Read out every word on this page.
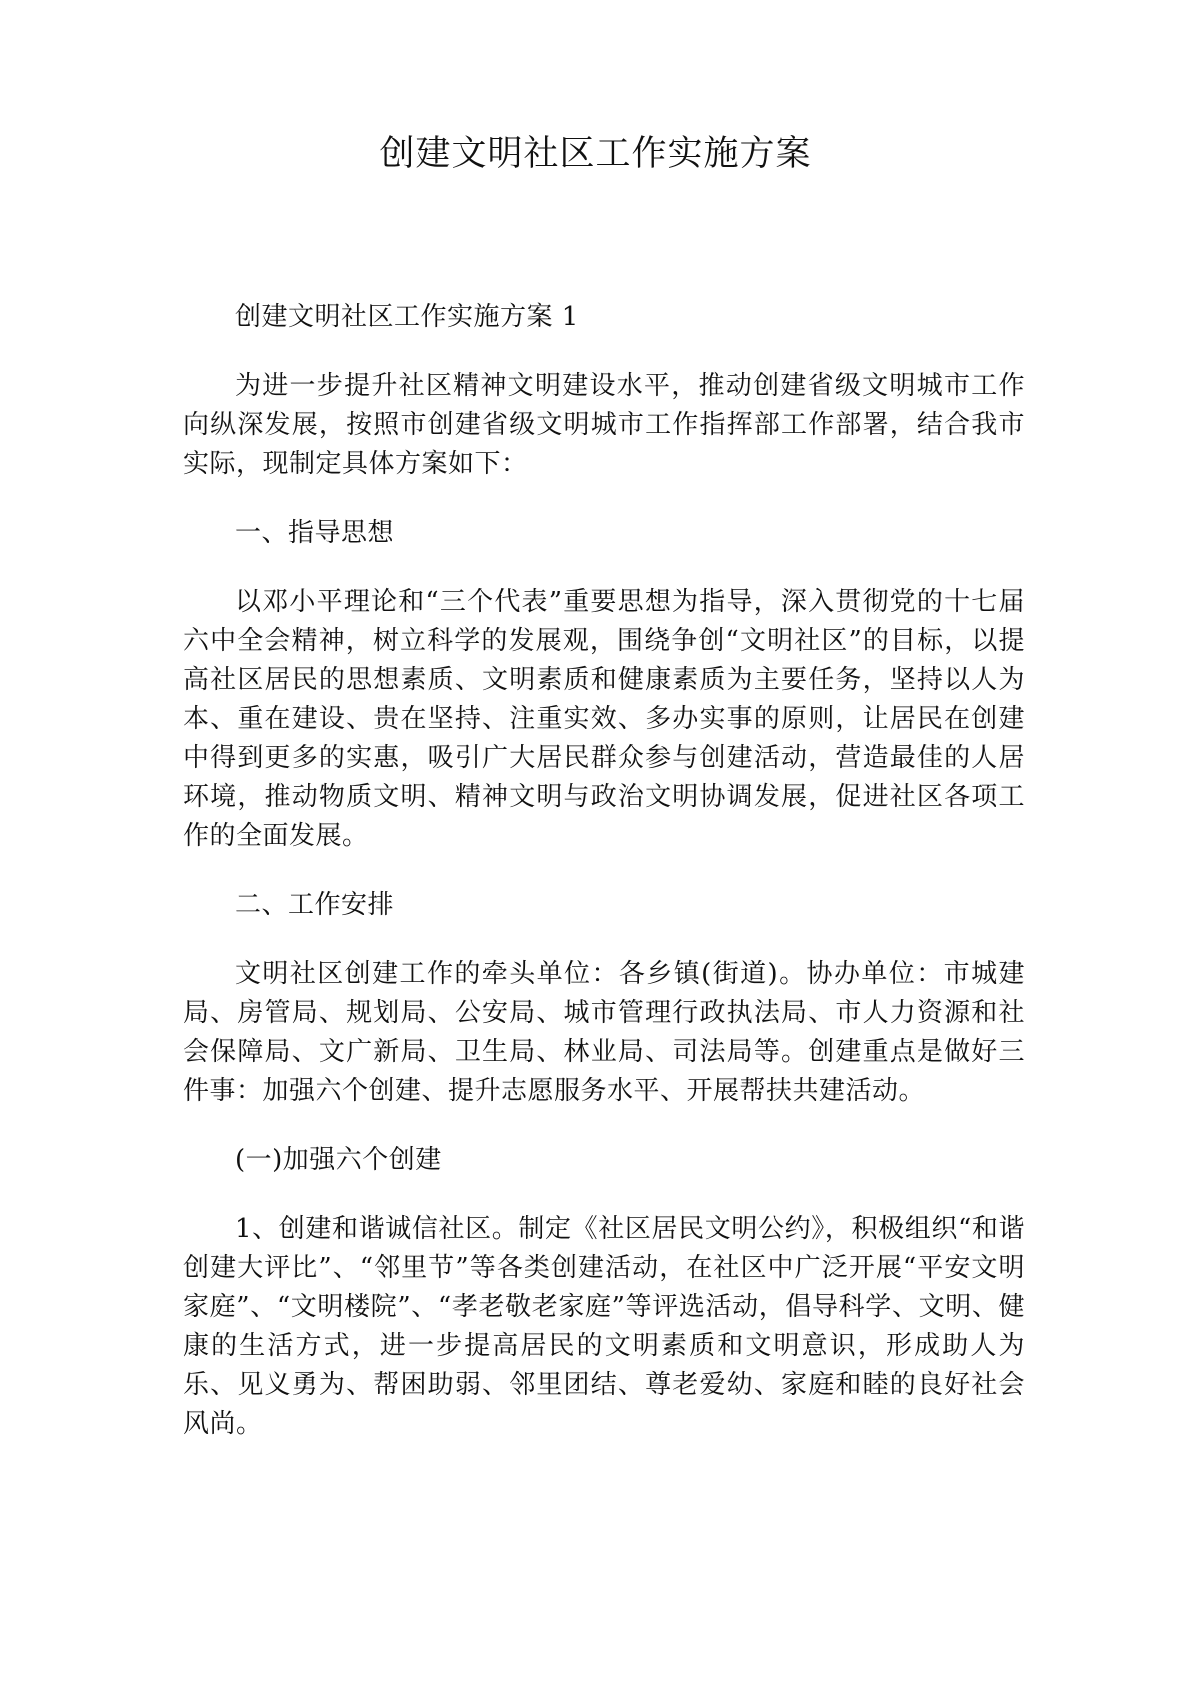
创建文明社区工作实施方案

创建文明社区工作实施方案 1

为进一步提升社区精神文明建设水平，推动创建省级文明城市工作向纵深发展，按照市创建省级文明城市工作指挥部工作部署，结合我市实际，现制定具体方案如下：

一、指导思想

以邓小平理论和“三个代表”重要思想为指导，深入贯彻党的十七届六中全会精神，树立科学的发展观，围绕争创“文明社区”的目标，以提高社区居民的思想素质、文明素质和健康素质为主要任务，坚持以人为本、重在建设、贵在坚持、注重实效、多办实事的原则，让居民在创建中得到更多的实惠，吸引广大居民群众参与创建活动，营造最佳的人居环境，推动物质文明、精神文明与政治文明协调发展，促进社区各项工作的全面发展。

二、工作安排

文明社区创建工作的牵头单位：各乡镇(街道)。协办单位：市城建局、房管局、规划局、公安局、城市管理行政执法局、市人力资源和社会保障局、文广新局、卫生局、林业局、司法局等。创建重点是做好三件事：加强六个创建、提升志愿服务水平、开展帮扶共建活动。

(一)加强六个创建

1、创建和谐诚信社区。制定《社区居民文明公约》，积极组织“和谐创建大评比”、“邻里节”等各类创建活动，在社区中广泛开展“平安文明家庭”、“文明楼院”、“孝老敬老家庭”等评选活动，倡导科学、文明、健康的生活方式，进一步提高居民的文明素质和文明意识，形成助人为乐、见义勇为、帮困助弱、邻里团结、尊老爱幼、家庭和睦的良好社会风尚。
